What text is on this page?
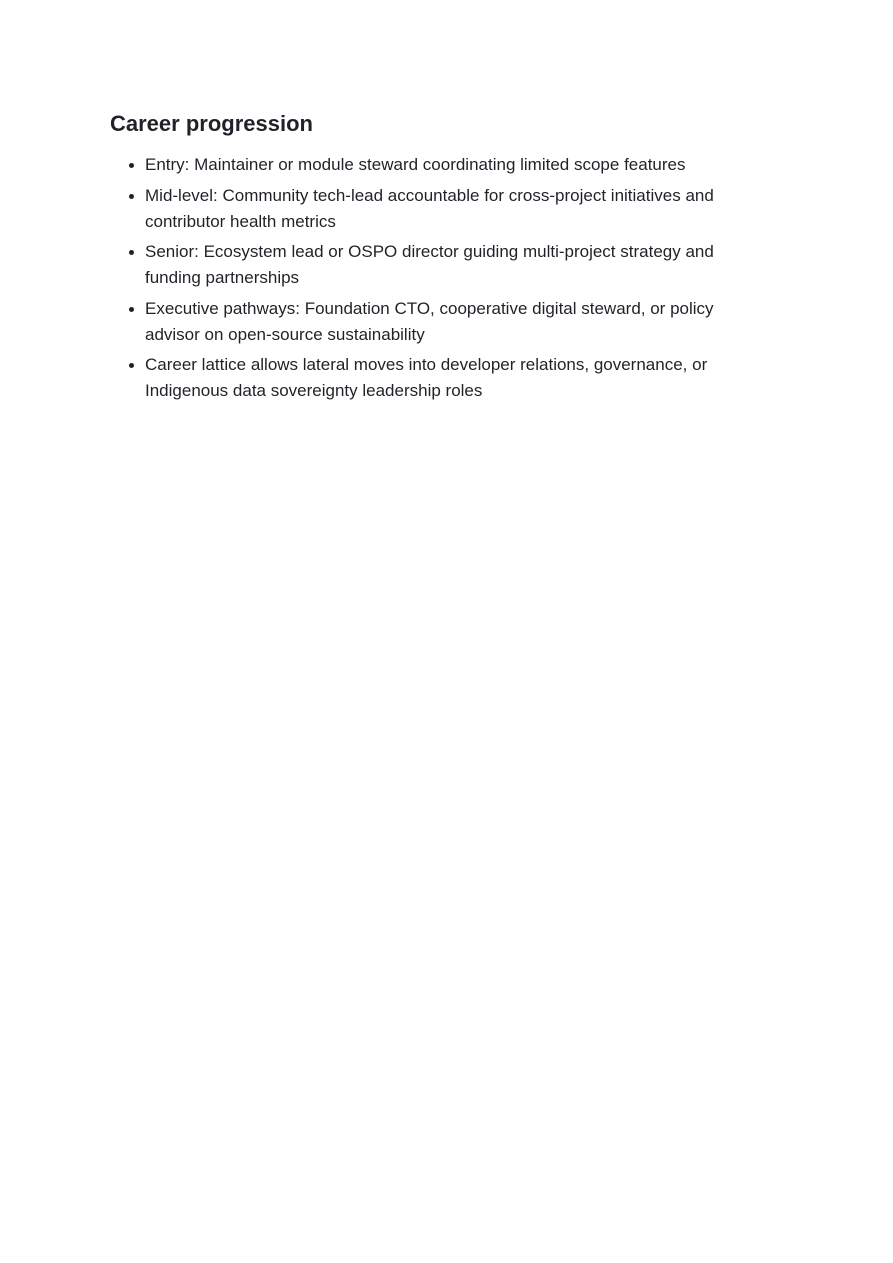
Career progression
Entry: Maintainer or module steward coordinating limited scope features
Mid-level: Community tech-lead accountable for cross-project initiatives and contributor health metrics
Senior: Ecosystem lead or OSPO director guiding multi-project strategy and funding partnerships
Executive pathways: Foundation CTO, cooperative digital steward, or policy advisor on open-source sustainability
Career lattice allows lateral moves into developer relations, governance, or Indigenous data sovereignty leadership roles
